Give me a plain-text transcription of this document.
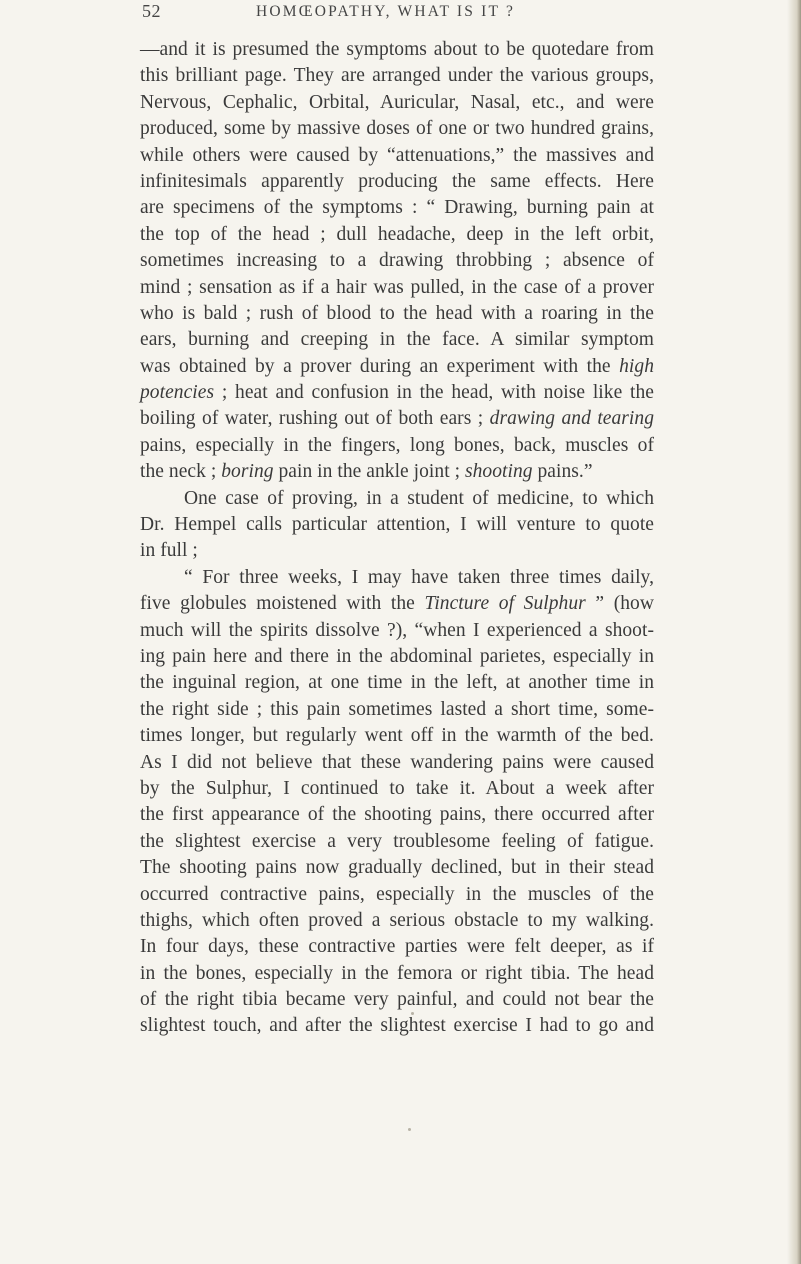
52	HOMŒOPATHY, WHAT IS IT ?
—and it is presumed the symptoms about to be quotedare from
this brilliant page. They are arranged under the various groups,
Nervous, Cephalic, Orbital, Auricular, Nasal, etc., and were
produced, some by massive doses of one or two hundred grains,
while others were caused by “attenuations,” the massives and
infinitesimals apparently producing the same effects. Here
are specimens of the symptoms : “ Drawing, burning pain at
the top of the head ; dull headache, deep in the left orbit,
sometimes increasing to a drawing throbbing ; absence of
mind ; sensation as if a hair was pulled, in the case of a prover
who is bald ; rush of blood to the head with a roaring in the
ears, burning and creeping in the face. A similar symptom
was obtained by a prover during an experiment with the high
potencies ; heat and confusion in the head, with noise like the
boiling of water, rushing out of both ears ; drawing and tearing
pains, especially in the fingers, long bones, back, muscles of
the neck ; boring pain in the ankle joint ; shooting pains.”
One case of proving, in a student of medicine, to which
Dr. Hempel calls particular attention, I will venture to quote
in full ;
“ For three weeks, I may have taken three times daily,
five globules moistened with the Tincture of Sulphur ” (how
much will the spirits dissolve ?), “when I experienced a shoot-
ing pain here and there in the abdominal parietes, especially in
the inguinal region, at one time in the left, at another time in
the right side ; this pain sometimes lasted a short time, some-
times longer, but regularly went off in the warmth of the bed.
As I did not believe that these wandering pains were caused
by the Sulphur, I continued to take it. About a week after
the first appearance of the shooting pains, there occurred after
the slightest exercise a very troublesome feeling of fatigue.
The shooting pains now gradually declined, but in their stead
occurred contractive pains, especially in the muscles of the
thighs, which often proved a serious obstacle to my walking.
In four days, these contractive parties were felt deeper, as if
in the bones, especially in the femora or right tibia. The head
of the right tibia became very painful, and could not bear the
slightest touch, and after the slightest exercise I had to go and
